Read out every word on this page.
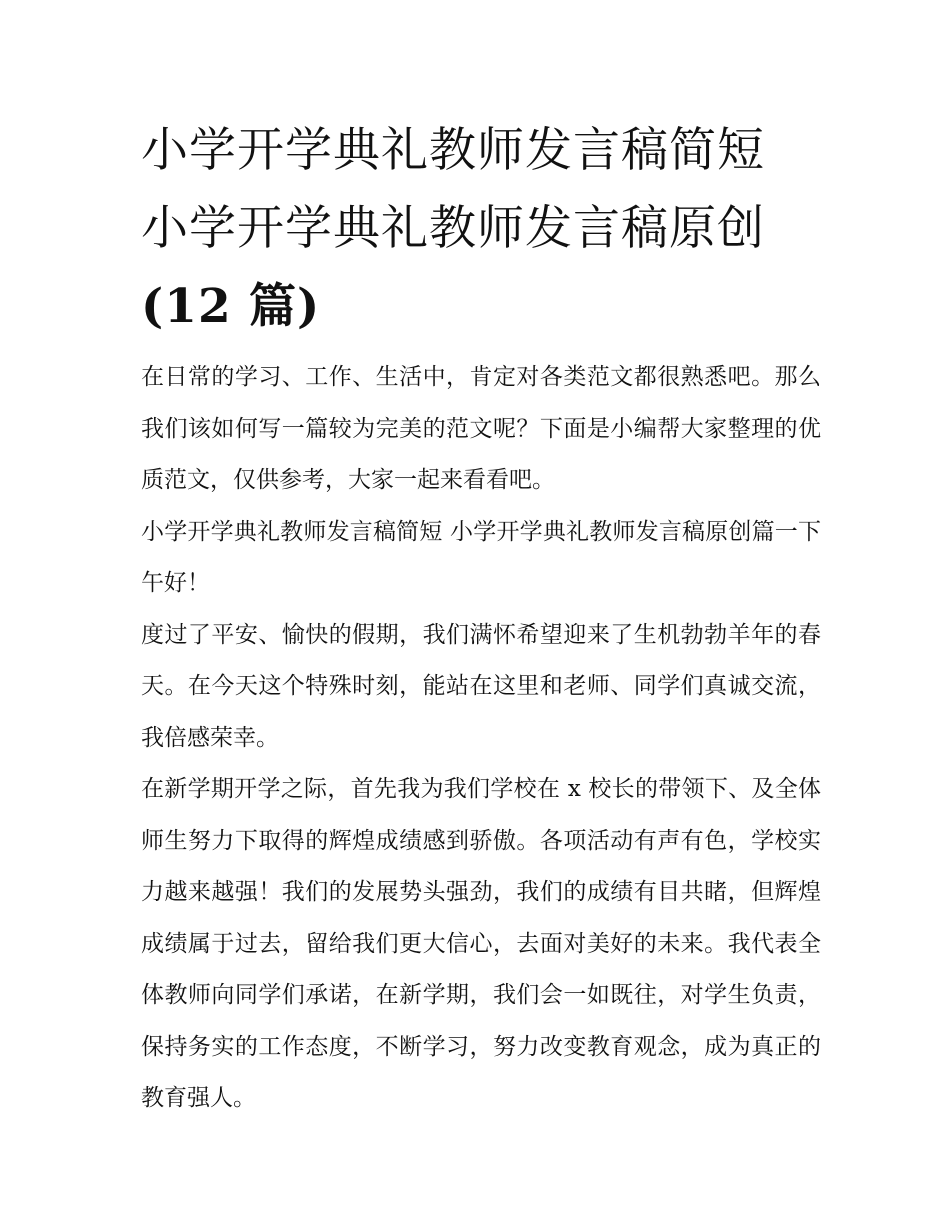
小学开学典礼教师发言稿简短
小学开学典礼教师发言稿原创
(12 篇)

在日常的学习、工作、生活中，肯定对各类范文都很熟悉吧。那么我们该如何写一篇较为完美的范文呢？下面是小编帮大家整理的优质范文，仅供参考，大家一起来看看吧。

小学开学典礼教师发言稿简短 小学开学典礼教师发言稿原创篇一下午好！

度过了平安、愉快的假期，我们满怀希望迎来了生机勃勃羊年的春天。在今天这个特殊时刻，能站在这里和老师、同学们真诚交流，我倍感荣幸。

在新学期开学之际，首先我为我们学校在 x 校长的带领下、及全体师生努力下取得的辉煌成绩感到骄傲。各项活动有声有色，学校实力越来越强！我们的发展势头强劲，我们的成绩有目共睹，但辉煌成绩属于过去，留给我们更大信心，去面对美好的未来。我代表全体教师向同学们承诺，在新学期，我们会一如既往，对学生负责，保持务实的工作态度，不断学习，努力改变教育观念，成为真正的教育强人。
